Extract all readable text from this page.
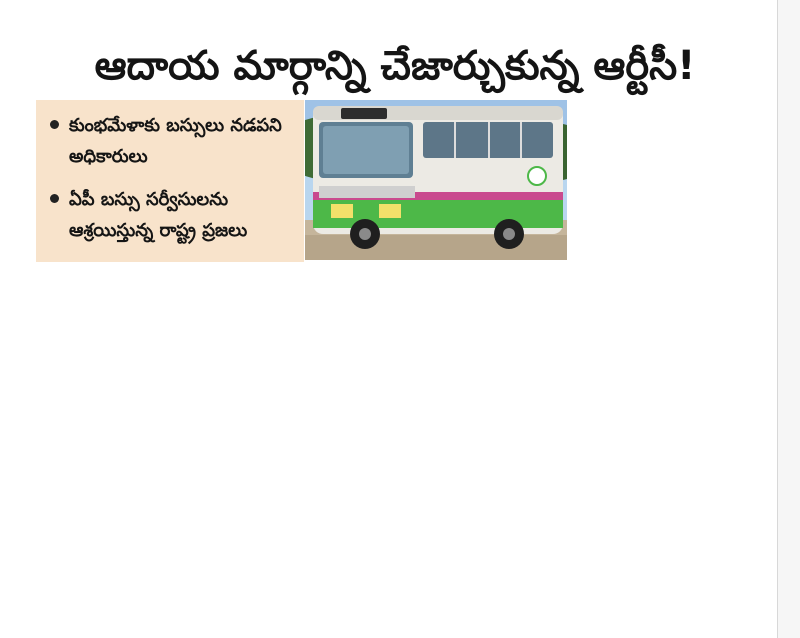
ఆదాయ మార్గాన్ని చేజార్చుకున్న ఆర్టీసీ!
కుంభమేళాకు బస్సులు నడపని అధికారులు
ఏపీ బస్సు సర్వీసులను ఆశ్రయిస్తున్న రాష్ట్ర ప్రజలు
